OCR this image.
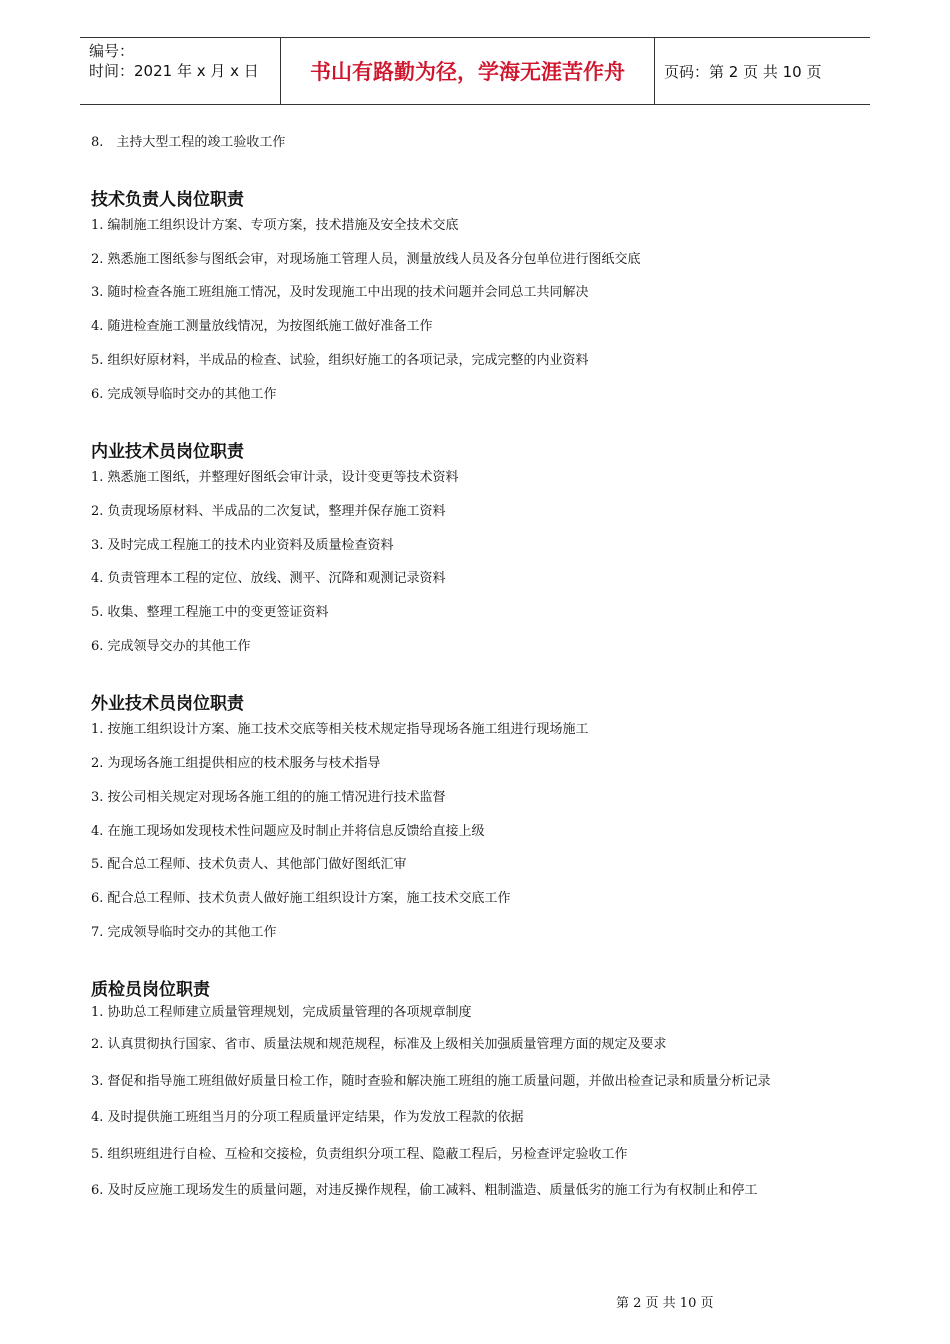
编号：
时间：2021 年 x 月 x 日	书山有路勤为径，学海无涯苦作舟	页码：第 2 页 共 10 页
8.　主持大型工程的竣工验收工作
技术负责人岗位职责
1. 编制施工组织设计方案、专项方案，技术措施及安全技术交底
2. 熟悉施工图纸参与图纸会审，对现场施工管理人员，测量放线人员及各分包单位进行图纸交底
3. 随时检查各施工班组施工情况，及时发现施工中出现的技术问题并会同总工共同解决
4. 随进检查施工测量放线情况，为按图纸施工做好准备工作
5. 组织好原材料，半成品的检查、试验，组织好施工的各项记录，完成完整的内业资料
6. 完成领导临时交办的其他工作
内业技术员岗位职责
1. 熟悉施工图纸，并整理好图纸会审计录，设计变更等技术资料
2. 负责现场原材料、半成品的二次复试，整理并保存施工资料
3. 及时完成工程施工的技术内业资料及质量检查资料
4. 负责管理本工程的定位、放线、测平、沉降和观测记录资料
5. 收集、整理工程施工中的变更签证资料
6. 完成领导交办的其他工作
外业技术员岗位职责
1. 按施工组织设计方案、施工技术交底等相关枝术规定指导现场各施工组进行现场施工
2. 为现场各施工组提供相应的枝术服务与枝术指导
3. 按公司相关规定对现场各施工组的的施工情况进行技术监督
4. 在施工现场如发现枝术性问题应及时制止并将信息反馈给直接上级
5. 配合总工程师、技术负责人、其他部门做好图纸汇审
6. 配合总工程师、技术负责人做好施工组织设计方案，施工技术交底工作
7. 完成领导临时交办的其他工作
质检员岗位职责
1. 协助总工程师建立质量管理规划，完成质量管理的各项规章制度
2. 认真贯彻执行国家、省市、质量法规和规范规程，标准及上级相关加强质量管理方面的规定及要求
3. 督促和指导施工班组做好质量日检工作，随时查验和解决施工班组的施工质量问题，并做出检查记录和质量分析记录
4. 及时提供施工班组当月的分项工程质量评定结果，作为发放工程款的依据
5. 组织班组进行自检、互检和交接检，负责组织分项工程、隐蔽工程后，另检查评定验收工作
6. 及时反应施工现场发生的质量问题，对违反操作规程，偷工减料、粗制滥造、质量低劣的施工行为有权制止和停工
第 2 页 共 10 页
